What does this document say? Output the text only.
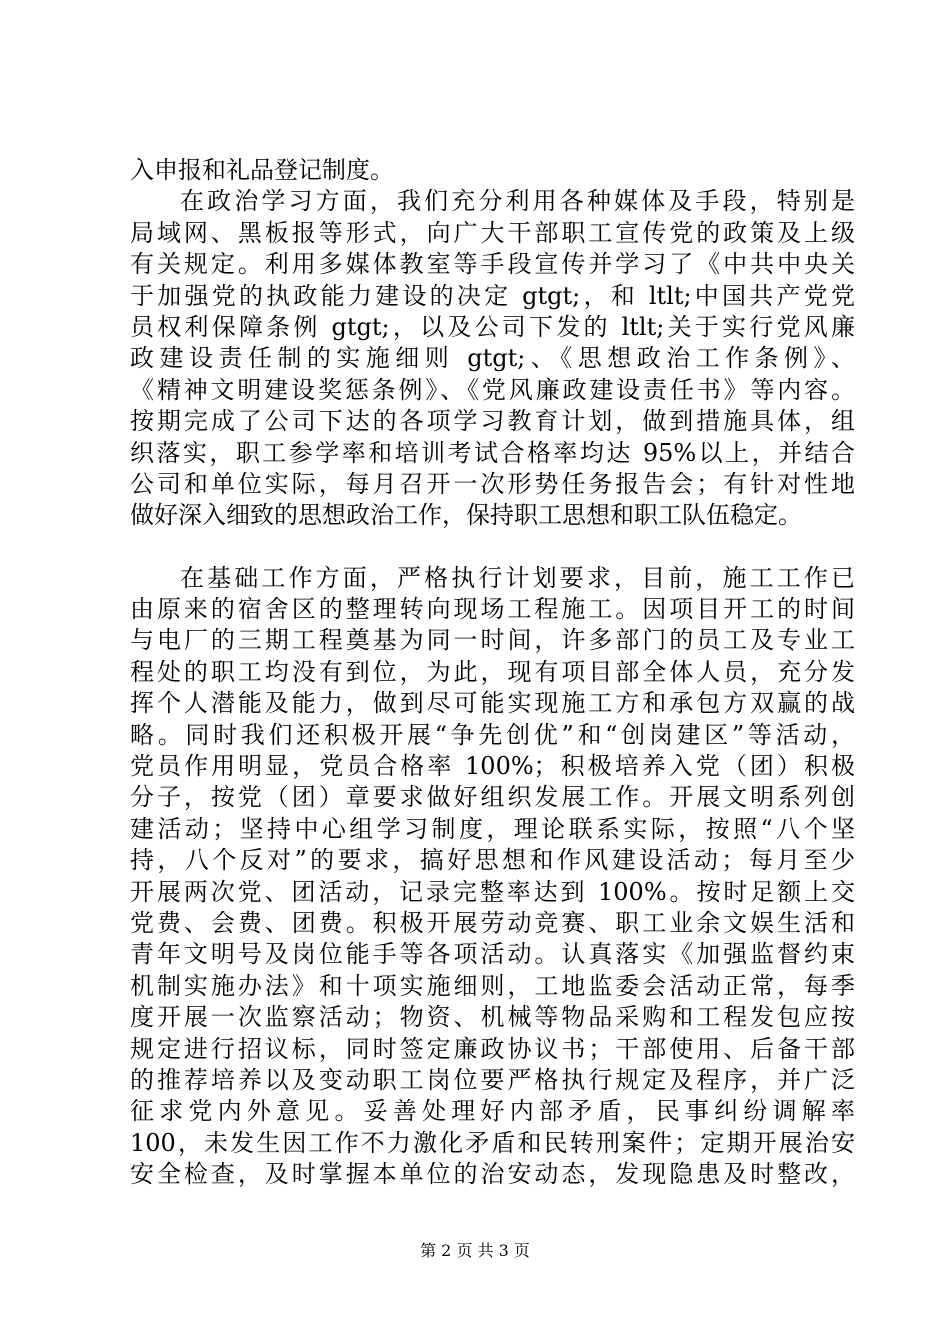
入申报和礼品登记制度。
在政治学习方面，我们充分利用各种媒体及手段，特别是
局域网、黑板报等形式，向广大干部职工宣传党的政策及上级
有关规定。利用多媒体教室等手段宣传并学习了《中共中央关
于加强党的执政能力建设的决定 gtgt;，和 ltlt;中国共产党党
员权利保障条例 gtgt;，以及公司下发的 ltlt;关于实行党风廉
政建设责任制的实施细则 gtgt;、《思想政治工作条例》、
《精神文明建设奖惩条例》、《党风廉政建设责任书》等内容。
按期完成了公司下达的各项学习教育计划，做到措施具体，组
织落实，职工参学率和培训考试合格率均达 95%以上，并结合
公司和单位实际，每月召开一次形势任务报告会；有针对性地
做好深入细致的思想政治工作，保持职工思想和职工队伍稳定。
在基础工作方面，严格执行计划要求，目前，施工工作已
由原来的宿舍区的整理转向现场工程施工。因项目开工的时间
与电厂的三期工程奠基为同一时间，许多部门的员工及专业工
程处的职工均没有到位，为此，现有项目部全体人员，充分发
挥个人潜能及能力，做到尽可能实现施工方和承包方双赢的战
略。同时我们还积极开展“争先创优”和“创岗建区”等活动，
党员作用明显，党员合格率 100%；积极培养入党（团）积极
分子，按党（团）章要求做好组织发展工作。开展文明系列创
建活动；坚持中心组学习制度，理论联系实际，按照“八个坚
持，八个反对”的要求，搞好思想和作风建设活动；每月至少
开展两次党、团活动，记录完整率达到 100%。按时足额上交
党费、会费、团费。积极开展劳动竞赛、职工业余文娱生活和
青年文明号及岗位能手等各项活动。认真落实《加强监督约束
机制实施办法》和十项实施细则，工地监委会活动正常，每季
度开展一次监察活动；物资、机械等物品采购和工程发包应按
规定进行招议标，同时签定廉政协议书；干部使用、后备干部
的推荐培养以及变动职工岗位要严格执行规定及程序，并广泛
征求党内外意见。妥善处理好内部矛盾，民事纠纷调解率
100，未发生因工作不力激化矛盾和民转刑案件；定期开展治安
安全检查，及时掌握本单位的治安动态，发现隐患及时整改，
第 2 页 共 3 页
